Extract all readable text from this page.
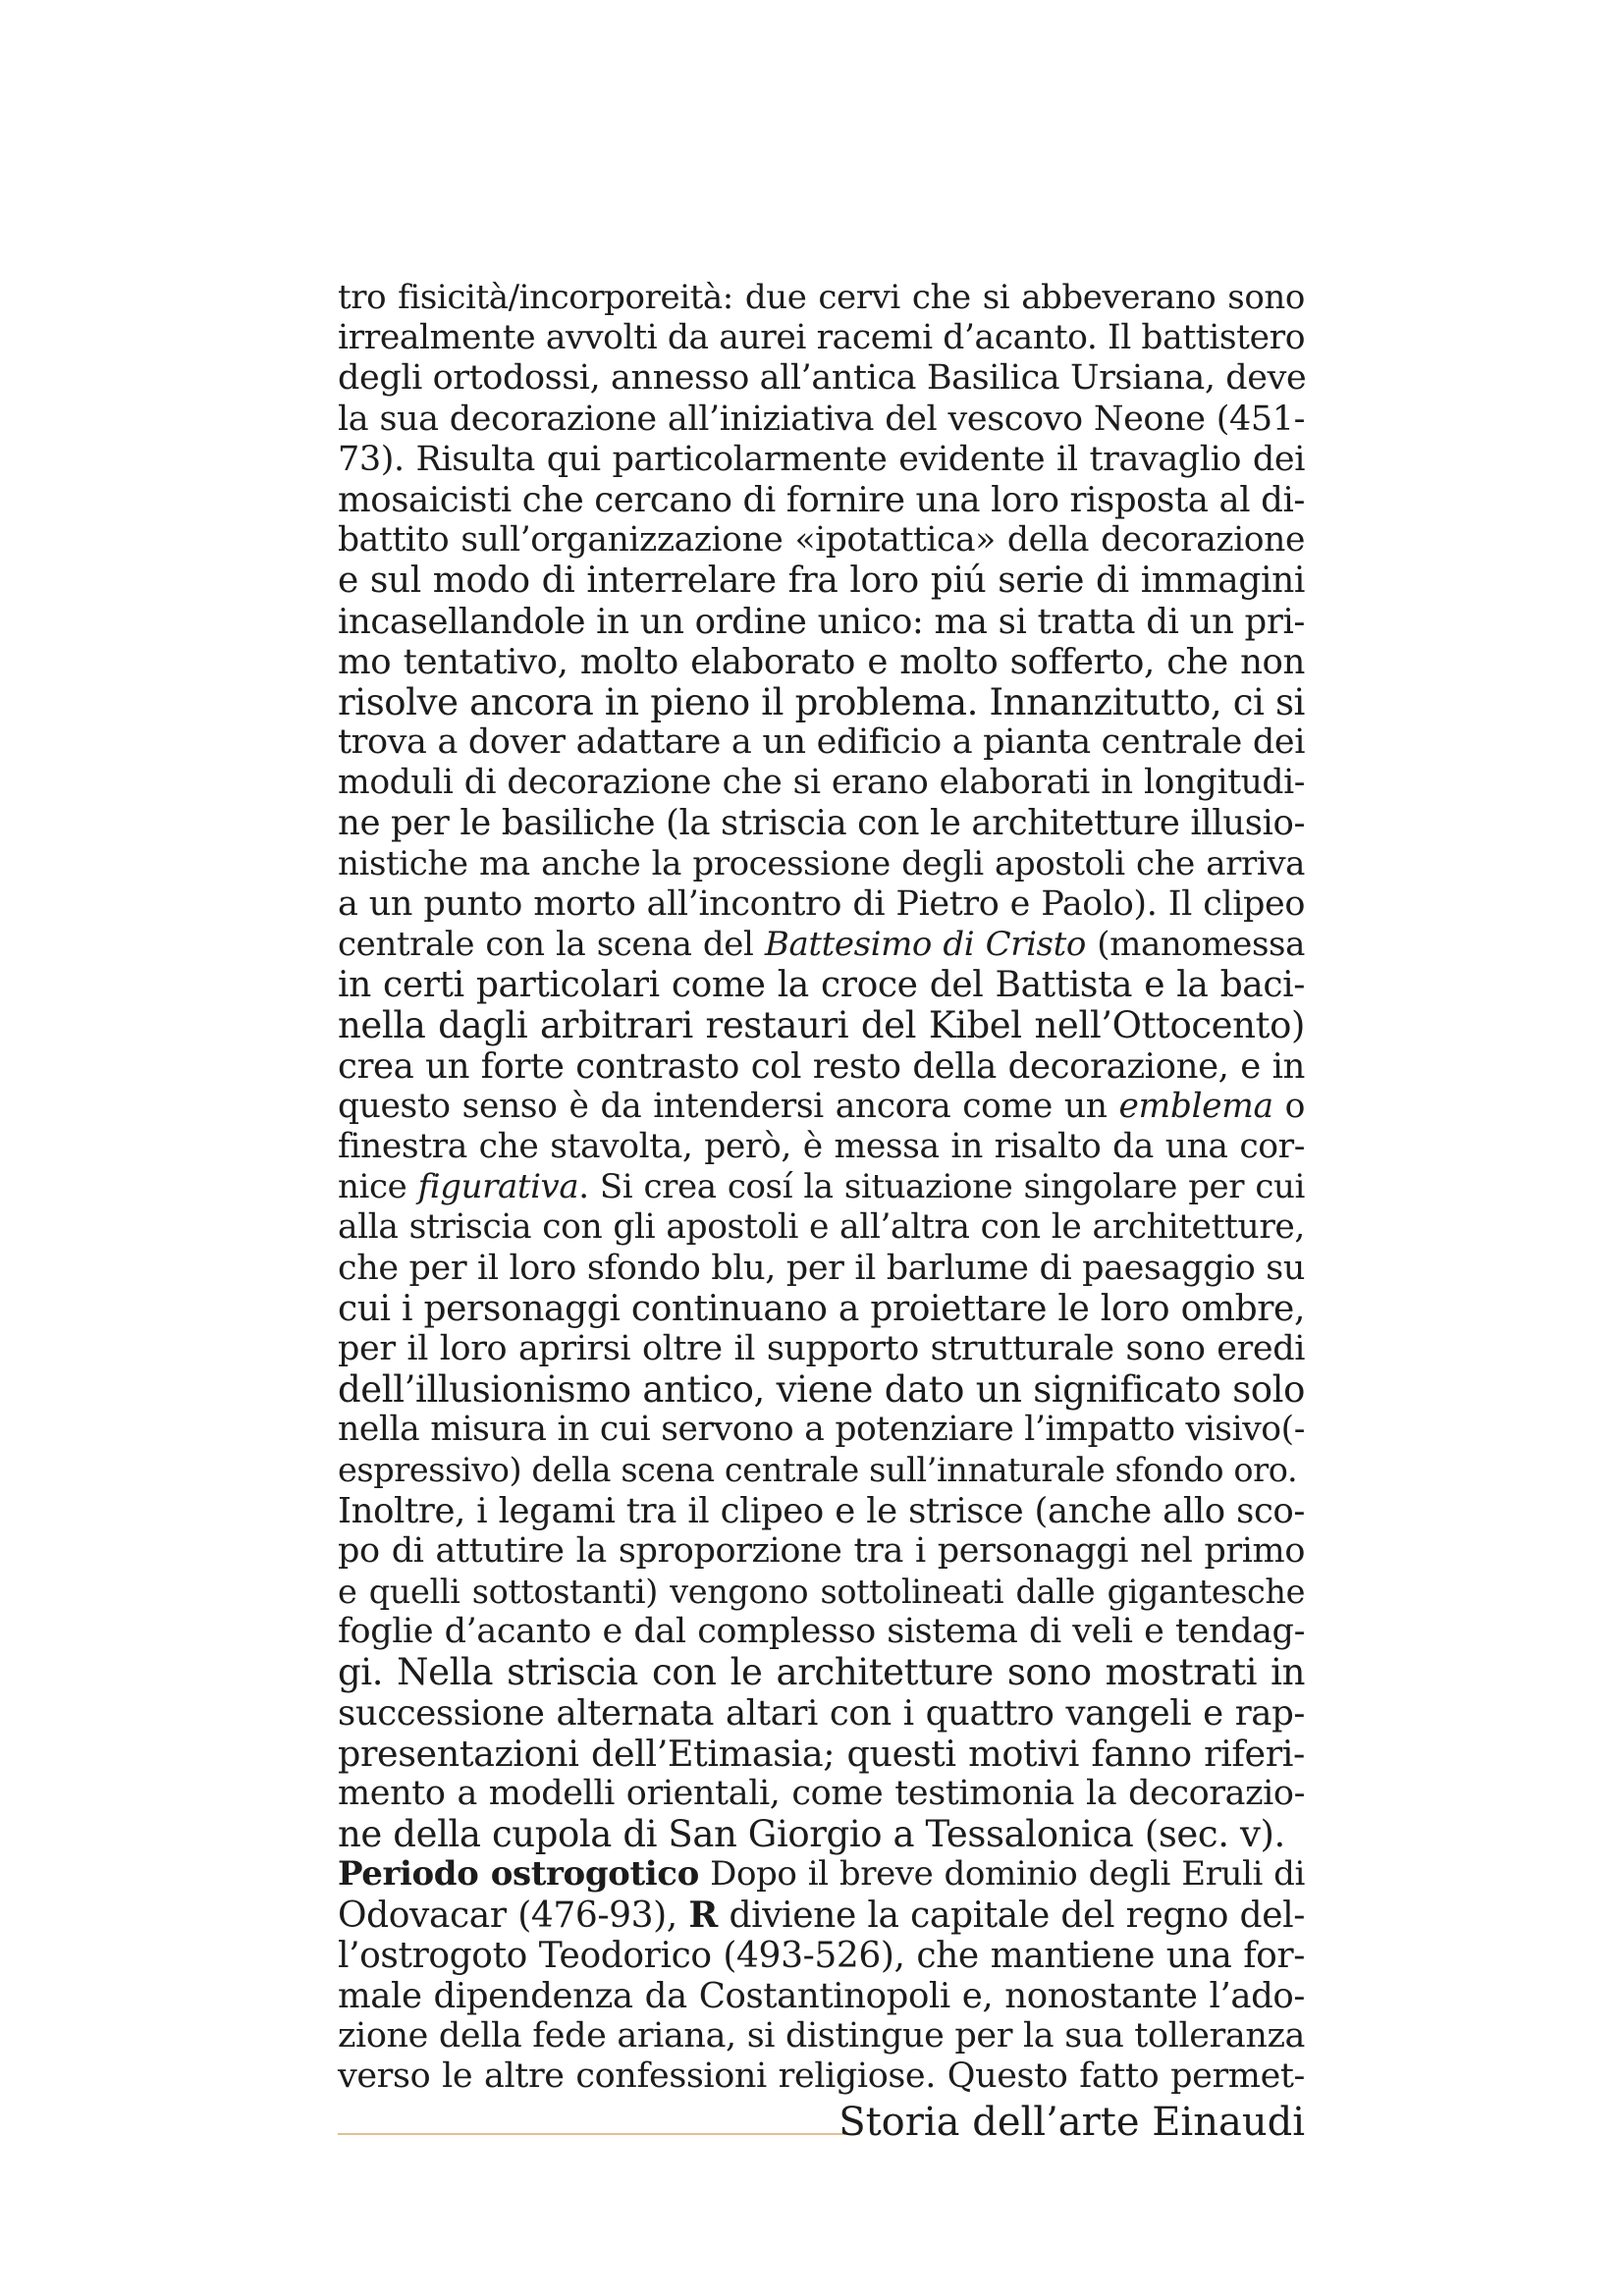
tro fisicità/incorporeità: due cervi che si abbeverano sono
irrealmente avvolti da aurei racemi d’acanto. Il battistero
degli ortodossi, annesso all’antica Basilica Ursiana, deve
la sua decorazione all’iniziativa del vescovo Neone (451-
73). Risulta qui particolarmente evidente il travaglio dei
mosaicisti che cercano di fornire una loro risposta al di-
battito sull’organizzazione «ipotattica» della decorazione
e sul modo di interrelare fra loro piú serie di immagini
incasellandole in un ordine unico: ma si tratta di un pri-
mo tentativo, molto elaborato e molto sofferto, che non
risolve ancora in pieno il problema. Innanzitutto, ci si
trova a dover adattare a un edificio a pianta centrale dei
moduli di decorazione che si erano elaborati in longitudi-
ne per le basiliche (la striscia con le architetture illusio-
nistiche ma anche la processione degli apostoli che arriva
a un punto morto all’incontro di Pietro e Paolo). Il clipeo
centrale con la scena del Battesimo di Cristo (manomessa
in certi particolari come la croce del Battista e la baci-
nella dagli arbitrari restauri del Kibel nell’Ottocento)
crea un forte contrasto col resto della decorazione, e in
questo senso è da intendersi ancora come un emblema o
finestra che stavolta, però, è messa in risalto da una cor-
nice figurativa. Si crea cosí la situazione singolare per cui
alla striscia con gli apostoli e all’altra con le architetture,
che per il loro sfondo blu, per il barlume di paesaggio su
cui i personaggi continuano a proiettare le loro ombre,
per il loro aprirsi oltre il supporto strutturale sono eredi
dell’illusionismo antico, viene dato un significato solo
nella misura in cui servono a potenziare l’impatto visivo(-
espressivo) della scena centrale sull’innaturale sfondo oro.
Inoltre, i legami tra il clipeo e le strisce (anche allo sco-
po di attutire la sproporzione tra i personaggi nel primo
e quelli sottostanti) vengono sottolineati dalle gigantesche
foglie d’acanto e dal complesso sistema di veli e tendag-
gi. Nella striscia con le architetture sono mostrati in
successione alternata altari con i quattro vangeli e rap-
presentazioni dell’Etimasia; questi motivi fanno riferi-
mento a modelli orientali, come testimonia la decorazio-
ne della cupola di San Giorgio a Tessalonica (sec. v).
Periodo ostrogotico Dopo il breve dominio degli Eruli di
Odovacar (476-93), R diviene la capitale del regno del-
l’ostrogoto Teodorico (493-526), che mantiene una for-
male dipendenza da Costantinopoli e, nonostante l’ado-
zione della fede ariana, si distingue per la sua tolleranza
verso le altre confessioni religiose. Questo fatto permet-
Storia dell’arte Einaudi
